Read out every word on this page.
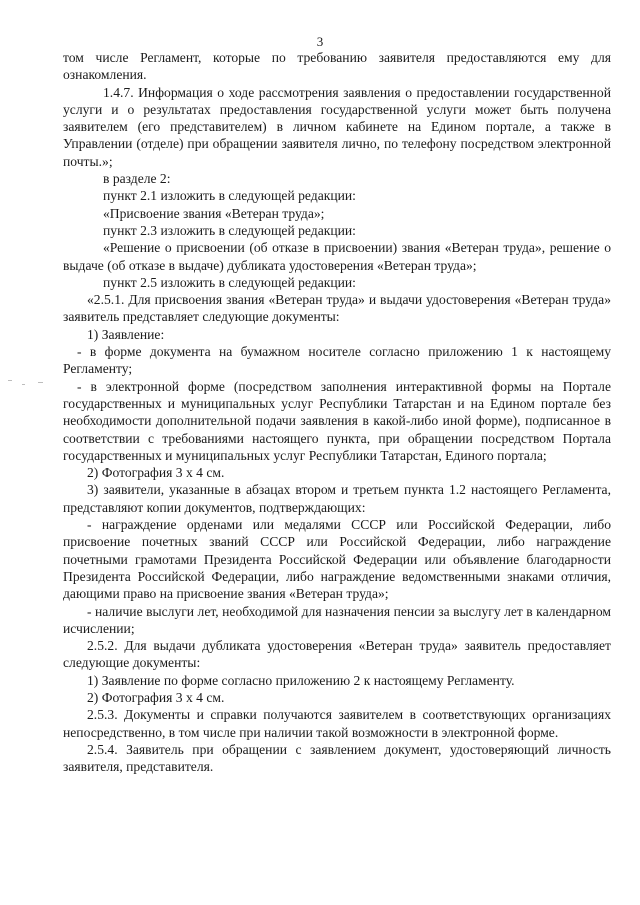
3

том числе Регламент, которые по требованию заявителя предоставляются ему для ознакомления.

1.4.7. Информация о ходе рассмотрения заявления о предоставлении государственной услуги и о результатах предоставления государственной услуги может быть получена заявителем (его представителем) в личном кабинете на Едином портале, а также в Управлении (отделе) при обращении заявителя лично, по телефону посредством электронной почты.»;

в разделе 2:

пункт 2.1 изложить в следующей редакции:

«Присвоение звания «Ветеран труда»;

пункт 2.3 изложить в следующей редакции:

«Решение о присвоении (об отказе в присвоении) звания «Ветеран труда», решение о выдаче (об отказе в выдаче) дубликата удостоверения «Ветеран труда»;

пункт 2.5 изложить в следующей редакции:

«2.5.1. Для присвоения звания «Ветеран труда» и выдачи удостоверения «Ветеран труда» заявитель представляет следующие документы:

1) Заявление:

- в форме документа на бумажном носителе согласно приложению 1 к настоящему Регламенту;

- в электронной форме (посредством заполнения интерактивной формы на Портале государственных и муниципальных услуг Республики Татарстан и на Едином портале без необходимости дополнительной подачи заявления в какой-либо иной форме), подписанное в соответствии с требованиями настоящего пункта, при обращении посредством Портала государственных и муниципальных услуг Республики Татарстан, Единого портала;

2) Фотография 3 х 4 см.

3) заявители, указанные в абзацах втором и третьем пункта 1.2 настоящего Регламента, представляют копии документов, подтверждающих:

- награждение орденами или медалями СССР или Российской Федерации, либо присвоение почетных званий СССР или Российской Федерации, либо награждение почетными грамотами Президента Российской Федерации или объявление благодарности Президента Российской Федерации, либо награждение ведомственными знаками отличия, дающими право на присвоение звания «Ветеран труда»;

- наличие выслуги лет, необходимой для назначения пенсии за выслугу лет в календарном исчислении;

2.5.2. Для выдачи дубликата удостоверения «Ветеран труда» заявитель предоставляет следующие документы:

1) Заявление по форме согласно приложению 2 к настоящему Регламенту.

2) Фотография 3 х 4 см.

2.5.3. Документы и справки получаются заявителем в соответствующих организациях непосредственно, в том числе при наличии такой возможности в электронной форме.

2.5.4. Заявитель при обращении с заявлением документ, удостоверяющий личность заявителя, представителя.
